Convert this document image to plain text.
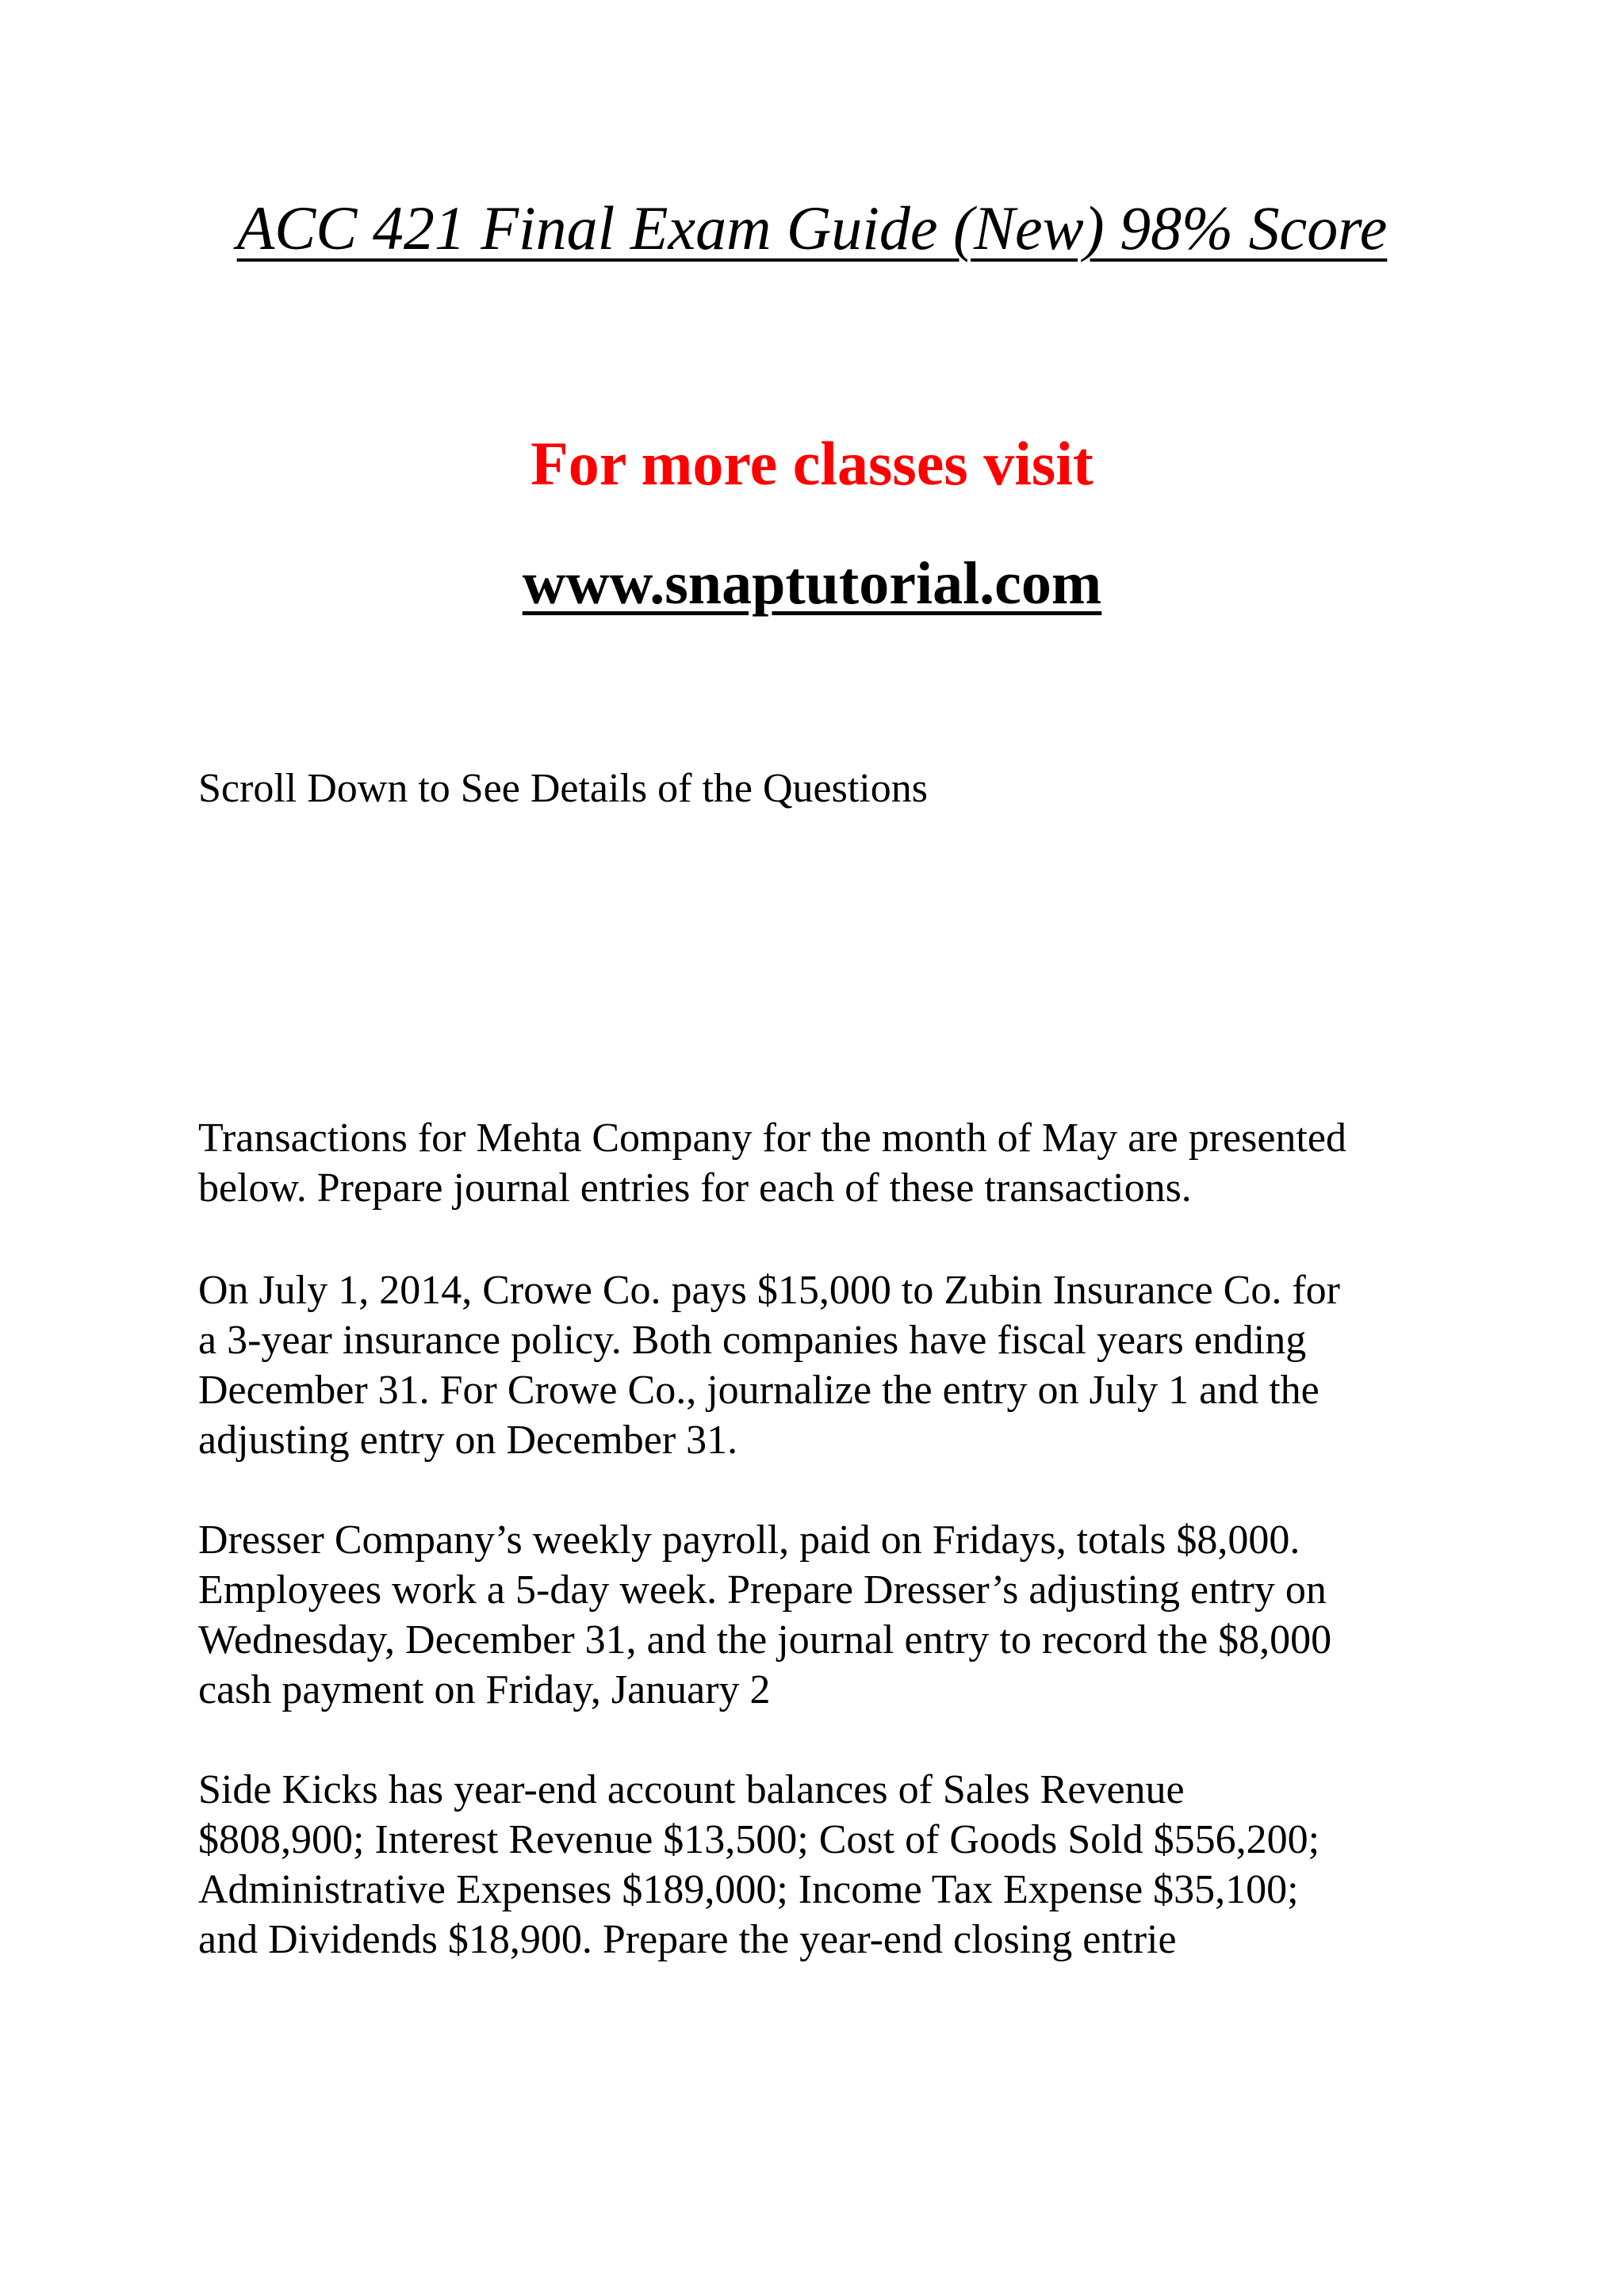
ACC 421 Final Exam Guide (New) 98% Score

For more classes visit

www.snaptutorial.com

Scroll Down to See Details of the Questions

Transactions for Mehta Company for the month of May are presented
below. Prepare journal entries for each of these transactions.

On July 1, 2014, Crowe Co. pays $15,000 to Zubin Insurance Co. for
a 3-year insurance policy. Both companies have fiscal years ending
December 31. For Crowe Co., journalize the entry on July 1 and the
adjusting entry on December 31.

Dresser Company’s weekly payroll, paid on Fridays, totals $8,000.
Employees work a 5-day week. Prepare Dresser’s adjusting entry on
Wednesday, December 31, and the journal entry to record the $8,000
cash payment on Friday, January 2

Side Kicks has year-end account balances of Sales Revenue
$808,900; Interest Revenue $13,500; Cost of Goods Sold $556,200;
Administrative Expenses $189,000; Income Tax Expense $35,100;
and Dividends $18,900. Prepare the year-end closing entrie
